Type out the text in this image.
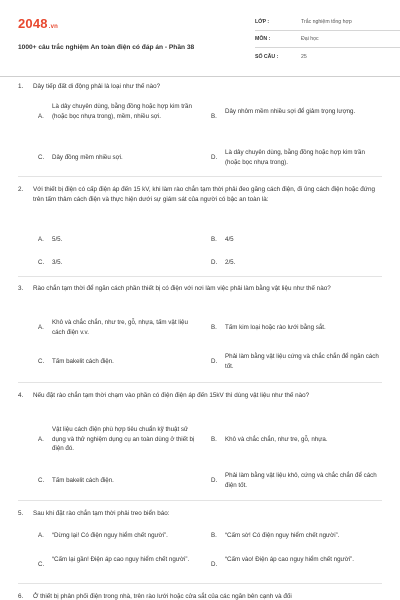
2048.vn
1000+ câu trắc nghiệm An toàn điện có đáp án - Phần 38
LỚP :	Trắc nghiệm tổng hợp
MÔN :	Đại học
SỐ CÂU :	25
1.	Dây tiếp đất di động phải là loại như thế nào?
A.
Là dây chuyên dùng, bằng đồng hoặc hợp kim trần (hoặc bọc nhựa trong), mềm, nhiều sợi.	B.
Dây nhôm mềm nhiều sợi để giảm trọng lượng.
C.	Dây đồng mềm nhiều sợi.	D.
Là dây chuyên dùng, bằng đồng hoặc hợp kim trần (hoặc bọc nhựa trong).
2.	Với thiết bị điện có cấp điện áp đến 15 kV, khi làm rào chắn tạm thời phải đeo găng cách điện, đi ủng cách điện hoặc đứng trên tấm thảm cách điện và thực hiện dưới sự giám sát của người có bậc an toàn là:
A.	5/5.	B.	4/5
C.	3/5.	D.	2/5.
3.	Rào chắn tạm thời để ngăn cách phần thiết bị có điện với nơi làm việc phải làm bằng vật liệu như thế nào?
A.
Khô và chắc chắn, như tre, gỗ, nhựa, tấm vật liệu cách điện v.v.
B.	Tấm kim loại hoặc rào lưới bằng sắt.
C.	Tấm bakelit cách điện.	D.
Phải làm bằng vật liệu cứng và chắc chắn để ngăn cách tốt.
4.	Nếu đặt rào chắn tạm thời chạm vào phần có điện điện áp đến 15kV thì dùng vật liệu như thế nào?
A.
Vật liệu cách điện phù hợp tiêu chuẩn kỹ thuật sử dụng và thử nghiệm dụng cụ an toàn dùng ở thiết bị điện đó.
B.	Khô và chắc chắn, như tre, gỗ, nhựa.
C.	Tấm bakelit cách điện.	D.
Phải làm bằng vật liệu khô, cứng và chắc chắn để cách điện tốt.
5.	Sau khi đặt rào chắn tạm thời phải treo biển báo:
A.	“Dừng lại! Có điện nguy hiểm chết người”.	B.	“Cấm sờ! Có điện nguy hiểm chết người”.
C.
“Cấm lại gần! Điện áp cao nguy hiểm chết người”.
D.
“Cấm vào! Điện áp cao nguy hiểm chết người”.
6.	Ở thiết bị phân phối điện trong nhà, trên rào lưới hoặc cửa sắt của các ngăn bên cạnh và đối
